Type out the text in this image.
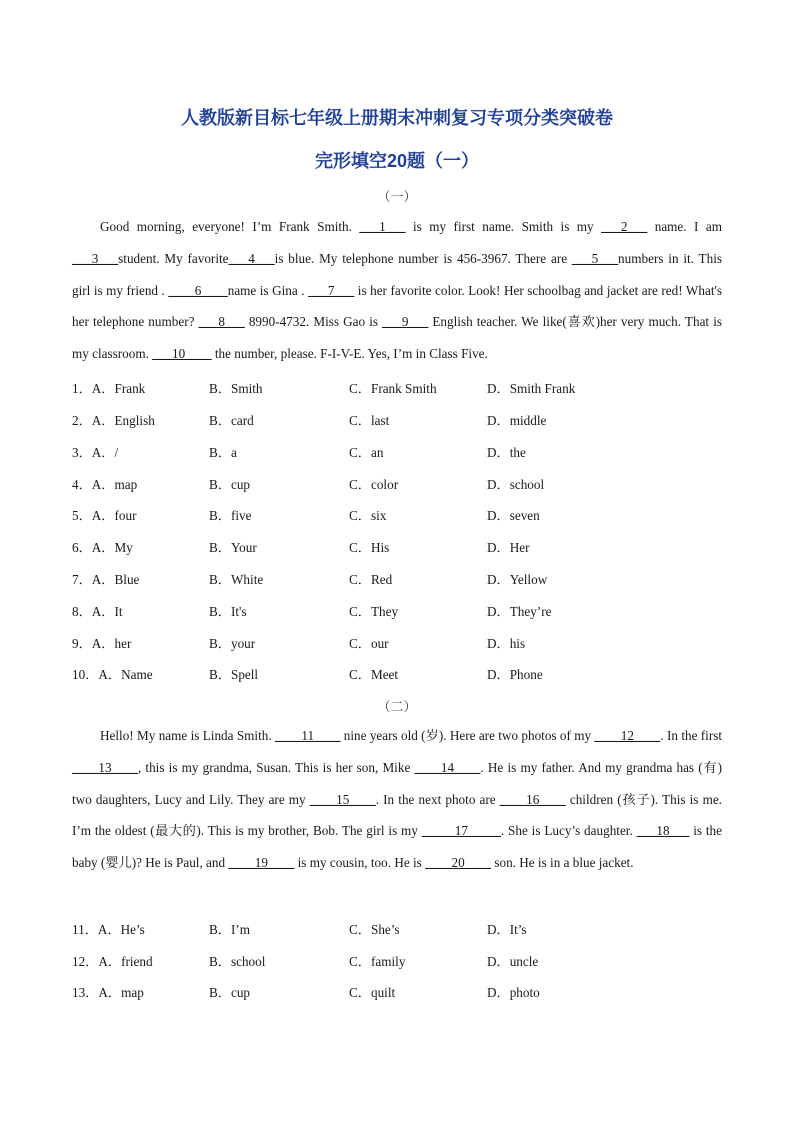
人教版新目标七年级上册期末冲刺复习专项分类突破卷
完形填空20题（一）
（一）

Good morning, everyone! I’m Frank Smith. ___1___ is my first name. Smith is my ___2___ name. I am ___3___student. My favorite___4___is blue. My telephone number is 456-3967. There are ___5___numbers in it. This girl is my friend . ____6____name is Gina . ___7___ is her favorite color. Look! Her schoolbag and jacket are red! What's her telephone number? ___8___ 8990-4732. Miss Gao is ___9___ English teacher. We like(喜欢)her very much. That is my classroom. ___10____ the number, please. F-I-V-E. Yes, I’m in Class Five.

1．A．Frank	B．Smith	C．Frank Smith	D．Smith Frank
2．A．English	B．card	C．last	D．middle
3．A．/	B．a	C．an	D．the
4．A．map	B．cup	C．color	D．school
5．A．four	B．five	C．six	D．seven
6．A．My	B．Your	C．His	D．Her
7．A．Blue	B．White	C．Red	D．Yellow
8．A．It	B．It's	C．They	D．They’re
9．A．her	B．your	C．our	D．his
10．A．Name	B．Spell	C．Meet	D．Phone
（二）

Hello! My name is Linda Smith. ____11____ nine years old (岁). Here are two photos of my ____12____. In the first ____13____, this is my grandma, Susan. This is her son, Mike ____14____. He is my father. And my grandma has (有) two daughters, Lucy and Lily. They are my ____15____. In the next photo are ____16____ children (孩子). This is me. I’m the oldest (最大的). This is my brother, Bob. The girl is my _____17_____. She is Lucy’s daughter. ___18___ is the baby (婴儿)? He is Paul, and ____19____ is my cousin, too. He is ____20____ son. He is in a blue jacket.

11．A．He’s	B．I’m	C．She’s	D．It’s
12．A．friend	B．school	C．family	D．uncle
13．A．map	B．cup	C．quilt	D．photo
